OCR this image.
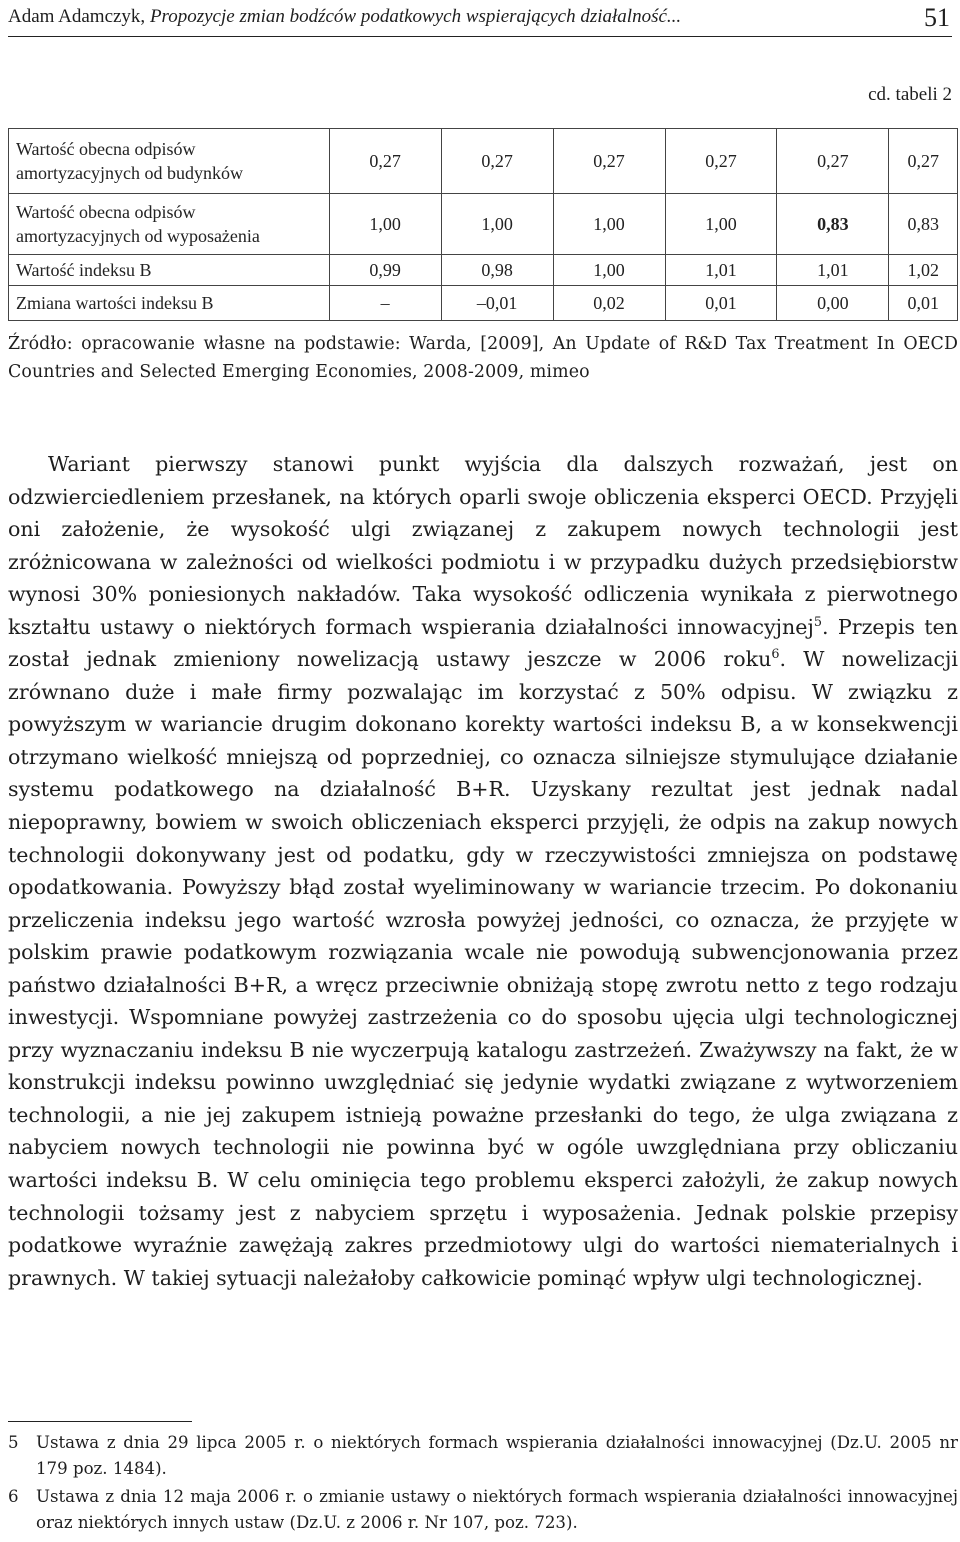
Adam Adamczyk, Propozycje zmian bodźców podatkowych wspierających działalność...	51
cd. tabeli 2
Wartość obecna odpisów amortyzacyjnych od budynków	0,27	0,27	0,27	0,27	0,27	0,27
Wartość obecna odpisów amortyzacyjnych od wyposażenia	1,00	1,00	1,00	1,00	0,83	0,83
Wartość indeksu B	0,99	0,98	1,00	1,01	1,01	1,02
Zmiana wartości indeksu B	–	–0,01	0,02	0,01	0,00	0,01
Źródło: opracowanie własne na podstawie: Warda, [2009], An Update of R&D Tax Treatment In OECD Countries and Selected Emerging Economies, 2008-2009, mimeo

Wariant pierwszy stanowi punkt wyjścia dla dalszych rozważań, jest on odzwierciedleniem przesłanek, na których oparli swoje obliczenia eksperci OECD. Przyjęli oni założenie, że wysokość ulgi związanej z zakupem nowych technologii jest zróżnicowana w zależności od wielkości podmiotu i w przypadku dużych przedsiębiorstw wynosi 30% poniesionych nakładów. Taka wysokość odliczenia wynikała z pierwotnego kształtu ustawy o niektórych formach wspierania działalności innowacyjnej$^5$. Przepis ten został jednak zmieniony nowelizacją ustawy jeszcze w 2006 roku$^6$. W nowelizacji zrównano duże i małe firmy pozwalając im korzystać z 50% odpisu. W związku z powyższym w wariancie drugim dokonano korekty wartości indeksu B, a w konsekwencji otrzymano wielkość mniejszą od poprzedniej, co oznacza silniejsze stymulujące działanie systemu podatkowego na działalność B+R. Uzyskany rezultat jest jednak nadal niepoprawny, bowiem w swoich obliczeniach eksperci przyjęli, że odpis na zakup nowych technologii dokonywany jest od podatku, gdy w rzeczywistości zmniejsza on podstawę opodatkowania. Powyższy błąd został wyeliminowany w wariancie trzecim. Po dokonaniu przeliczenia indeksu jego wartość wzrosła powyżej jedności, co oznacza, że przyjęte w polskim prawie podatkowym rozwiązania wcale nie powodują subwencjonowania przez państwo działalności B+R, a wręcz przeciwnie obniżają stopę zwrotu netto z tego rodzaju inwestycji. Wspomniane powyżej zastrzeżenia co do sposobu ujęcia ulgi technologicznej przy wyznaczaniu indeksu B nie wyczerpują katalogu zastrzeżeń. Zważywszy na fakt, że w konstrukcji indeksu powinno uwzględniać się jedynie wydatki związane z wytworzeniem technologii, a nie jej zakupem istnieją poważne przesłanki do tego, że ulga związana z nabyciem nowych technologii nie powinna być w ogóle uwzględniana przy obliczaniu wartości indeksu B. W celu ominięcia tego problemu eksperci założyli, że zakup nowych technologii tożsamy jest z nabyciem sprzętu i wyposażenia. Jednak polskie przepisy podatkowe wyraźnie zawężają zakres przedmiotowy ulgi do wartości niematerialnych i prawnych. W takiej sytuacji należałoby całkowicie pominąć wpływ ulgi technologicznej.

5	Ustawa z dnia 29 lipca 2005 r. o niektórych formach wspierania działalności innowacyjnej (Dz.U. 2005 nr 179 poz. 1484).
6	Ustawa z dnia 12 maja 2006 r. o zmianie ustawy o niektórych formach wspierania działalności innowacyjnej oraz niektórych innych ustaw (Dz.U. z 2006 r. Nr 107, poz. 723).
